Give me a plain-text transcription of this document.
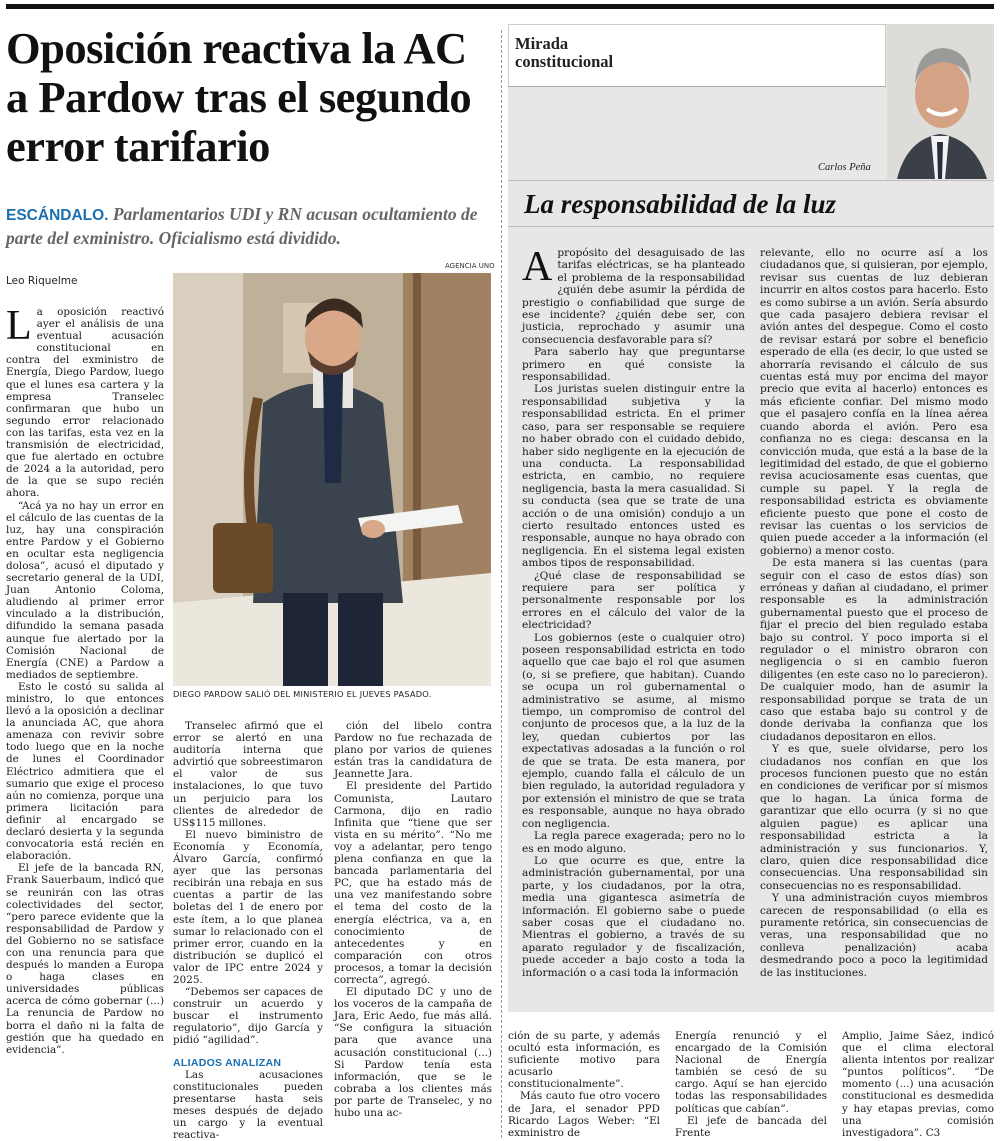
Oposición reactiva la AC a Pardow tras el segundo error tarifario
ESCÁNDALO. Parlamentarios UDI y RN acusan ocultamiento de parte del exministro. Oficialismo está dividido.
Leo Riquelme
AGENCIA UNO
DIEGO PARDOW SALIÓ DEL MINISTERIO EL JUEVES PASADO.

La oposición reactivó ayer el análisis de una eventual acusación constitucional en contra del exministro de Energía, Diego Pardow, luego que el lunes esa cartera y la empresa Transelec confirmaran que hubo un segundo error relacionado con las tarifas, esta vez en la transmisión de electricidad, que fue alertado en octubre de 2024 a la autoridad, pero de la que se supo recién ahora.

“Acá ya no hay un error en el cálculo de las cuentas de la luz, hay una conspiración entre Pardow y el Gobierno en ocultar esta negligencia dolosa”, acusó el diputado y secretario general de la UDI, Juan Antonio Coloma, aludiendo al primer error vinculado a la distribución, difundido la semana pasada aunque fue alertado por la Comisión Nacional de Energía (CNE) a Pardow a mediados de septiembre.

Esto le costó su salida al ministro, lo que entonces llevó a la oposición a declinar la anunciada AC, que ahora amenaza con revivir sobre todo luego que en la noche de lunes el Coordinador Eléctrico admitiera que el sumario que exige el proceso aún no comienza, porque una primera licitación para definir al encargado se declaró desierta y la segunda convocatoria está recién en elaboración.

El jefe de la bancada RN, Frank Sauerbaum, indicó que se reunirán con las otras colectividades del sector, “pero parece evidente que la responsabilidad de Pardow y del Gobierno no se satisface con una renuncia para que después lo manden a Europa o haga clases en universidades públicas acerca de cómo gobernar (...) La renuncia de Pardow no borra el daño ni la falta de gestión que ha quedado en evidencia”.

Transelec afirmó que el error se alertó en una auditoría interna que advirtió que sobreestimaron el valor de sus instalaciones, lo que tuvo un perjuicio para los clientes de alrededor de US$115 millones.

El nuevo biministro de Economía y Economía, Álvaro García, confirmó ayer que las personas recibirán una rebaja en sus cuentas a partir de las boletas del 1 de enero por este ítem, a lo que planea sumar lo relacionado con el primer error, cuando en la distribución se duplicó el valor de IPC entre 2024 y 2025.

“Debemos ser capaces de construir un acuerdo y buscar el instrumento regulatorio”, dijo García y pidió “agilidad”.

ALIADOS ANALIZAN

Las acusaciones constitucionales pueden presentarse hasta seis meses después de dejado un cargo y la eventual reactiva-

ción del libelo contra Pardow no fue rechazada de plano por varios de quienes están tras la candidatura de Jeannette Jara.

El presidente del Partido Comunista, Lautaro Carmona, dijo en radio Infinita que “tiene que ser vista en su mérito”. “No me voy a adelantar, pero tengo plena confianza en que la bancada parlamentaria del PC, que ha estado más de una vez manifestando sobre el tema del costo de la energía eléctrica, va a, en conocimiento de antecedentes y en comparación con otros procesos, a tomar la decisión correcta”, agregó.

El diputado DC y uno de los voceros de la campaña de Jara, Eric Aedo, fue más allá. “Se configura la situación para que avance una acusación constitucional (...) Si Pardow tenía esta información, que se le cobraba a los clientes más por parte de Transelec, y no hubo una ac-

Mirada constitucional
Carlos Peña
La responsabilidad de la luz

Apropósito del desaguisado de las tarifas eléctricas, se ha planteado el problema de la responsabilidad ¿quién debe asumir la pérdida de prestigio o confiabilidad que surge de ese incidente? ¿quién debe ser, con justicia, reprochado y asumir una consecuencia desfavorable para sí?

Para saberlo hay que preguntarse primero en qué consiste la responsabilidad.

Los juristas suelen distinguir entre la responsabilidad subjetiva y la responsabilidad estricta. En el primer caso, para ser responsable se requiere no haber obrado con el cuidado debido, haber sido negligente en la ejecución de una conducta. La responsabilidad estricta, en cambio, no requiere negligencia, basta la mera casualidad. Si su conducta (sea que se trate de una acción o de una omisión) condujo a un cierto resultado entonces usted es responsable, aunque no haya obrado con negligencia. En el sistema legal existen ambos tipos de responsabilidad.

¿Qué clase de responsabilidad se requiere para ser política y personalmente responsable por los errores en el cálculo del valor de la electricidad?

Los gobiernos (este o cualquier otro) poseen responsabilidad estricta en todo aquello que cae bajo el rol que asumen (o, si se prefiere, que habitan). Cuando se ocupa un rol gubernamental o administrativo se asume, al mismo tiempo, un compromiso de control del conjunto de procesos que, a la luz de la ley, quedan cubiertos por las expectativas adosadas a la función o rol de que se trata. De esta manera, por ejemplo, cuando falla el cálculo de un bien regulado, la autoridad reguladora y por extensión el ministro de que se trata es responsable, aunque no haya obrado con negligencia.

La regla parece exagerada; pero no lo es en modo alguno.

Lo que ocurre es que, entre la administración gubernamental, por una parte, y los ciudadanos, por la otra, media una gigantesca asimetría de información. El gobierno sabe o puede saber cosas que el ciudadano no. Mientras el gobierno, a través de su aparato regulador y de fiscalización, puede acceder a bajo costo a toda la información o a casi toda la información

relevante, ello no ocurre así a los ciudadanos que, si quisieran, por ejemplo, revisar sus cuentas de luz debieran incurrir en altos costos para hacerlo. Esto es como subirse a un avión. Sería absurdo que cada pasajero debiera revisar el avión antes del despegue. Como el costo de revisar estará por sobre el beneficio esperado de ella (es decir, lo que usted se ahorraría revisando el cálculo de sus cuentas está muy por encima del mayor precio que evita al hacerlo) entonces es más eficiente confiar. Del mismo modo que el pasajero confía en la línea aérea cuando aborda el avión. Pero esa confianza no es ciega: descansa en la convicción muda, que está a la base de la legitimidad del estado, de que el gobierno revisa acuciosamente esas cuentas, que cumple su papel. Y la regla de responsabilidad estricta es obviamente eficiente puesto que pone el costo de revisar las cuentas o los servicios de quien puede acceder a la información (el gobierno) a menor costo.

De esta manera si las cuentas (para seguir con el caso de estos días) son erróneas y dañan al ciudadano, el primer responsable es la administración gubernamental puesto que el proceso de fijar el precio del bien regulado estaba bajo su control. Y poco importa si el regulador o el ministro obraron con negligencia o si en cambio fueron diligentes (en este caso no lo parecieron). De cualquier modo, han de asumir la responsabilidad porque se trata de un caso que estaba bajo su control y de donde derivaba la confianza que los ciudadanos depositaron en ellos.

Y es que, suele olvidarse, pero los ciudadanos nos confían en que los procesos funcionen puesto que no están en condiciones de verificar por sí mismos que lo hagan. La única forma de garantizar que ello ocurra (y si no que alguien pague) es aplicar una responsabilidad estricta a la administración y sus funcionarios. Y, claro, quien dice responsabilidad dice consecuencias. Una responsabilidad sin consecuencias no es responsabilidad.

Y una administración cuyos miembros carecen de responsabilidad (o ella es puramente retórica, sin consecuencias de veras, una responsabilidad que no conlleva penalización) acaba desmedrando poco a poco la legitimidad de las instituciones.

ción de su parte, y además ocultó esta información, es suficiente motivo para acusarlo constitucionalmente”.

Más cauto fue otro vocero de Jara, el senador PPD Ricardo Lagos Weber: “El exministro de

Energía renunció y el encargado de la Comisión Nacional de Energía también se cesó de su cargo. Aquí se han ejercido todas las responsabilidades políticas que cabían”.

El jefe de bancada del Frente

Amplio, Jaime Sáez, indicó que el clima electoral alienta intentos por realizar “puntos políticos”. “De momento (...) una acusación constitucional es desmedida y hay etapas previas, como una comisión investigadora”. C3
